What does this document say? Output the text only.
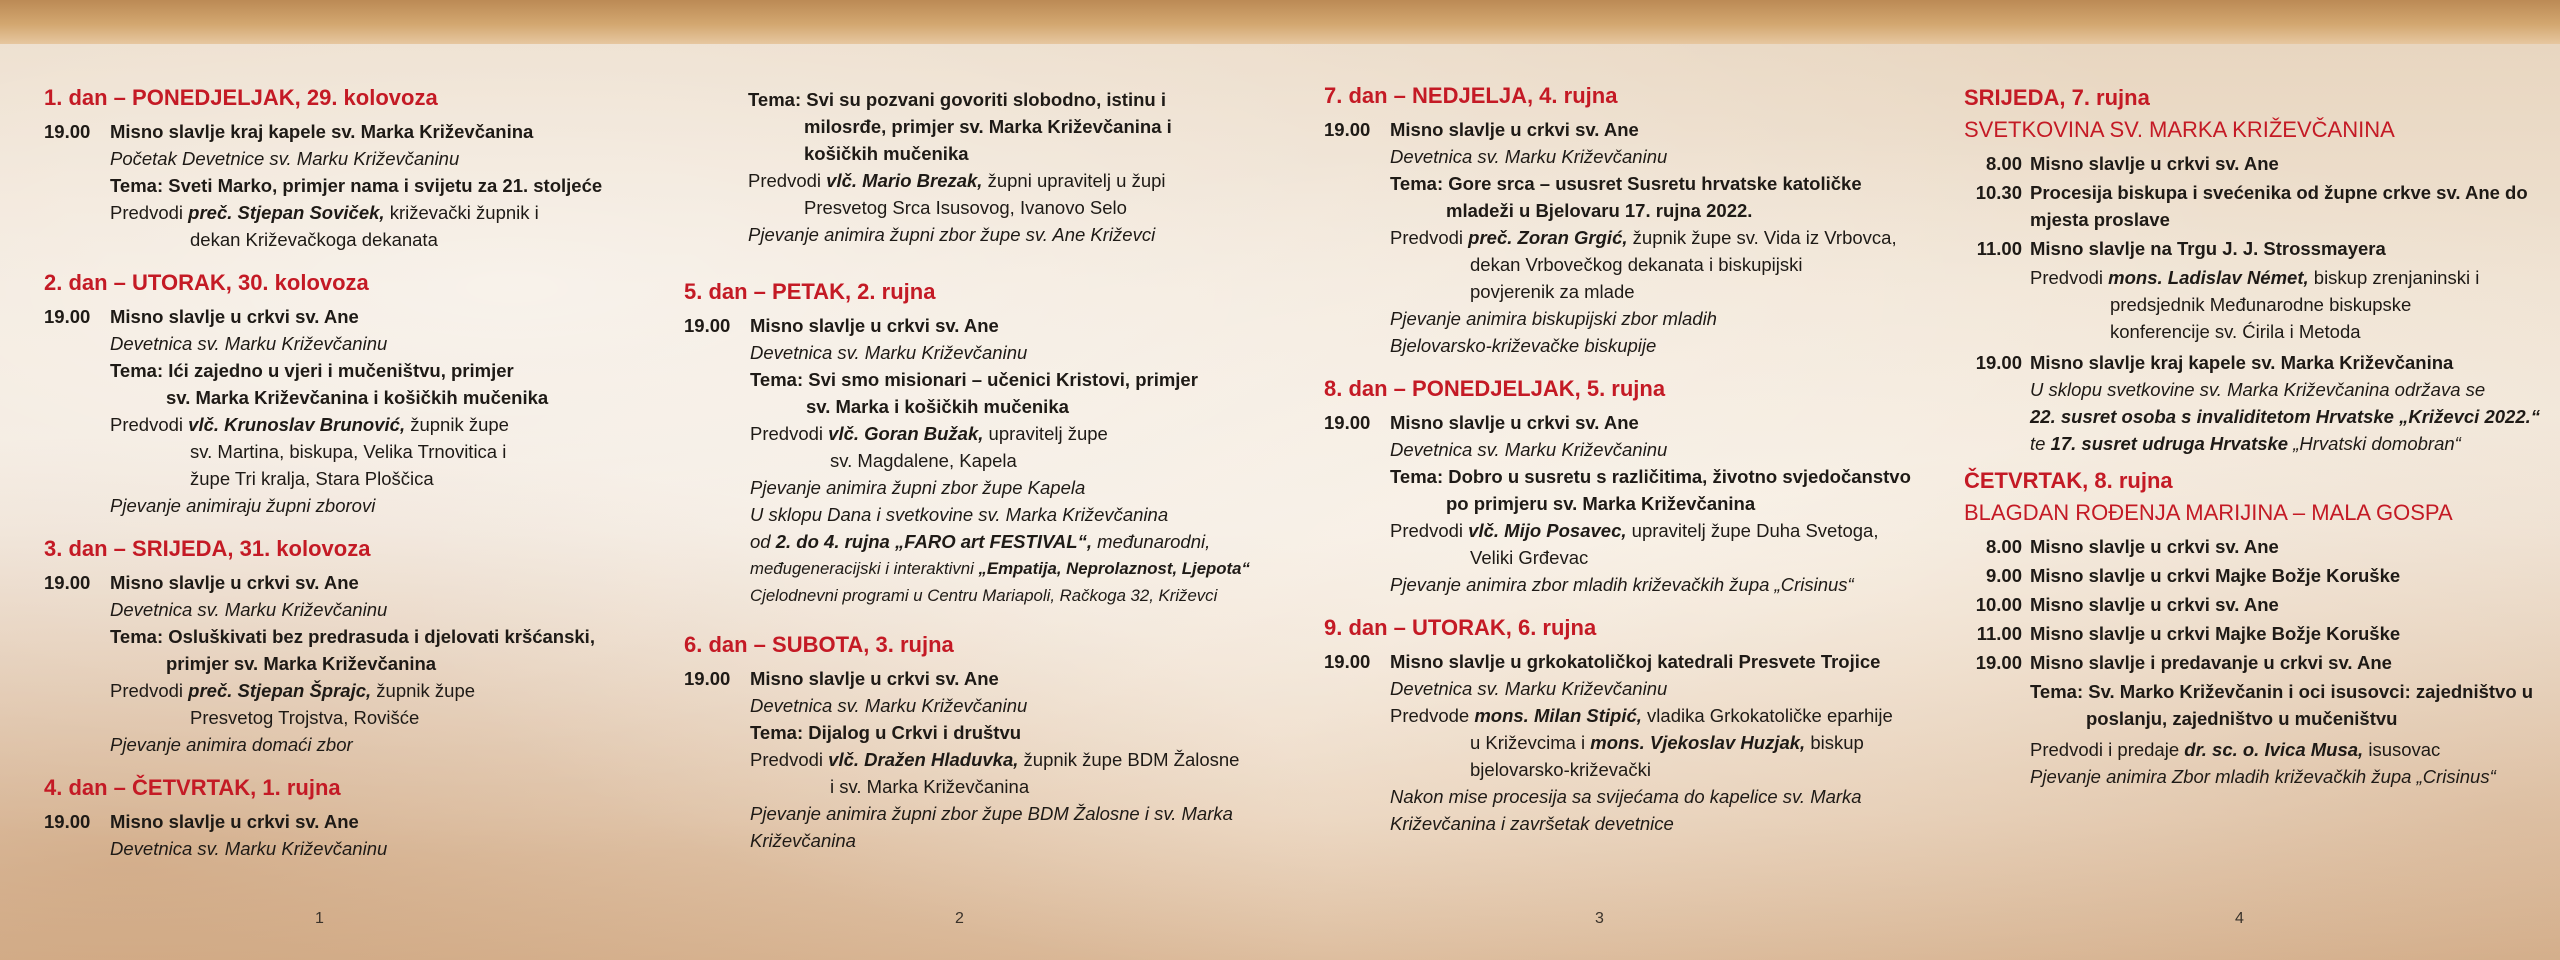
1. dan – PONEDJELJAK, 29. kolovoza
19.00	Misno slavlje kraj kapele sv. Marka Križevčanina
Početak Devetnice sv. Marku Križevčaninu
Tema: Sveti Marko, primjer nama i svijetu za 21. stoljeće
Predvodi preč. Stjepan Soviček, križevački župnik i
dekan Križevačkoga dekanata
2. dan – UTORAK, 30. kolovoza
19.00	Misno slavlje u crkvi sv. Ane
Devetnica sv. Marku Križevčaninu
Tema: Ići zajedno u vjeri i mučeništvu, primjer
sv. Marka Križevčanina i košičkih mučenika
Predvodi vlč. Krunoslav Brunović, župnik župe
sv. Martina, biskupa, Velika Trnovitica i
župe Tri kralja, Stara Ploščica
Pjevanje animiraju župni zborovi
3. dan – SRIJEDA, 31. kolovoza
19.00	Misno slavlje u crkvi sv. Ane
Devetnica sv. Marku Križevčaninu
Tema: Osluškivati bez predrasuda i djelovati kršćanski,
primjer sv. Marka Križevčanina
Predvodi preč. Stjepan Šprajc, župnik župe
Presvetog Trojstva, Rovišće
Pjevanje animira domaći zbor
4. dan – ČETVRTAK, 1. rujna
19.00	Misno slavlje u crkvi sv. Ane
Devetnica sv. Marku Križevčaninu
1
Tema: Svi su pozvani govoriti slobodno, istinu i
milosrđe, primjer sv. Marka Križevčanina i
košičkih mučenika
Predvodi vlč. Mario Brezak, župni upravitelj u župi
Presvetog Srca Isusovog, Ivanovo Selo
Pjevanje animira župni zbor župe sv. Ane Križevci
5. dan – PETAK, 2. rujna
19.00	Misno slavlje u crkvi sv. Ane
Devetnica sv. Marku Križevčaninu
Tema: Svi smo misionari – učenici Kristovi, primjer
sv. Marka i košičkih mučenika
Predvodi vlč. Goran Bužak, upravitelj župe
sv. Magdalene, Kapela
Pjevanje animira župni zbor župe Kapela
U sklopu Dana i svetkovine sv. Marka Križevčanina
od 2. do 4. rujna „FARO art FESTIVAL“, međunarodni,
međugeneracijski i interaktivni „Empatija, Neprolaznost, Ljepota“
Cjelodnevni programi u Centru Mariapoli, Račkoga 32, Križevci
6. dan – SUBOTA, 3. rujna
19.00	Misno slavlje u crkvi sv. Ane
Devetnica sv. Marku Križevčaninu
Tema: Dijalog u Crkvi i društvu
Predvodi vlč. Dražen Hladuvka, župnik župe BDM Žalosne
i sv. Marka Križevčanina
Pjevanje animira župni zbor župe BDM Žalosne i sv. Marka
Križevčanina
2
7. dan – NEDJELJA, 4. rujna
19.00	Misno slavlje u crkvi sv. Ane
Devetnica sv. Marku Križevčaninu
Tema: Gore srca – ususret Susretu hrvatske katoličke
mladeži u Bjelovaru 17. rujna 2022.
Predvodi preč. Zoran Grgić, župnik župe sv. Vida iz Vrbovca,
dekan Vrbovečkog dekanata i biskupijski
povjerenik za mlade
Pjevanje animira biskupijski zbor mladih
Bjelovarsko-križevačke biskupije
8. dan – PONEDJELJAK, 5. rujna
19.00	Misno slavlje u crkvi sv. Ane
Devetnica sv. Marku Križevčaninu
Tema: Dobro u susretu s različitima, životno svjedočanstvo
po primjeru sv. Marka Križevčanina
Predvodi vlč. Mijo Posavec, upravitelj župe Duha Svetoga,
Veliki Grđevac
Pjevanje animira zbor mladih križevačkih župa „Crisinus“
9. dan – UTORAK, 6. rujna
19.00	Misno slavlje u grkokatoličkoj katedrali Presvete Trojice
Devetnica sv. Marku Križevčaninu
Predvode mons. Milan Stipić, vladika Grkokatoličke eparhije
u Križevcima i mons. Vjekoslav Huzjak, biskup
bjelovarsko-križevački
Nakon mise procesija sa svijećama do kapelice sv. Marka
Križevčanina i završetak devetnice
3
SRIJEDA, 7. rujna
SVETKOVINA SV. MARKA KRIŽEVČANINA
8.00 Misno slavlje u crkvi sv. Ane
10.30 Procesija biskupa i svećenika od župne crkve sv. Ane do
mjesta proslave
11.00 Misno slavlje na Trgu J. J. Strossmayera
Predvodi mons. Ladislav Német, biskup zrenjaninski i
predsjednik Međunarodne biskupske
konferencije sv. Ćirila i Metoda
19.00 Misno slavlje kraj kapele sv. Marka Križevčanina
U sklopu svetkovine sv. Marka Križevčanina održava se
22. susret osoba s invaliditetom Hrvatske „Križevci 2022.“
te 17. susret udruga Hrvatske „Hrvatski domobran“
ČETVRTAK, 8. rujna
BLAGDAN ROĐENJA MARIJINA – MALA GOSPA
8.00 Misno slavlje u crkvi sv. Ane
9.00 Misno slavlje u crkvi Majke Božje Koruške
10.00 Misno slavlje u crkvi sv. Ane
11.00 Misno slavlje u crkvi Majke Božje Koruške
19.00 Misno slavlje i predavanje u crkvi sv. Ane
Tema: Sv. Marko Križevčanin i oci isusovci: zajedništvo u
poslanju, zajedništvo u mučeništvu
Predvodi i predaje dr. sc. o. Ivica Musa, isusovac
Pjevanje animira Zbor mladih križevačkih župa „Crisinus“
4
